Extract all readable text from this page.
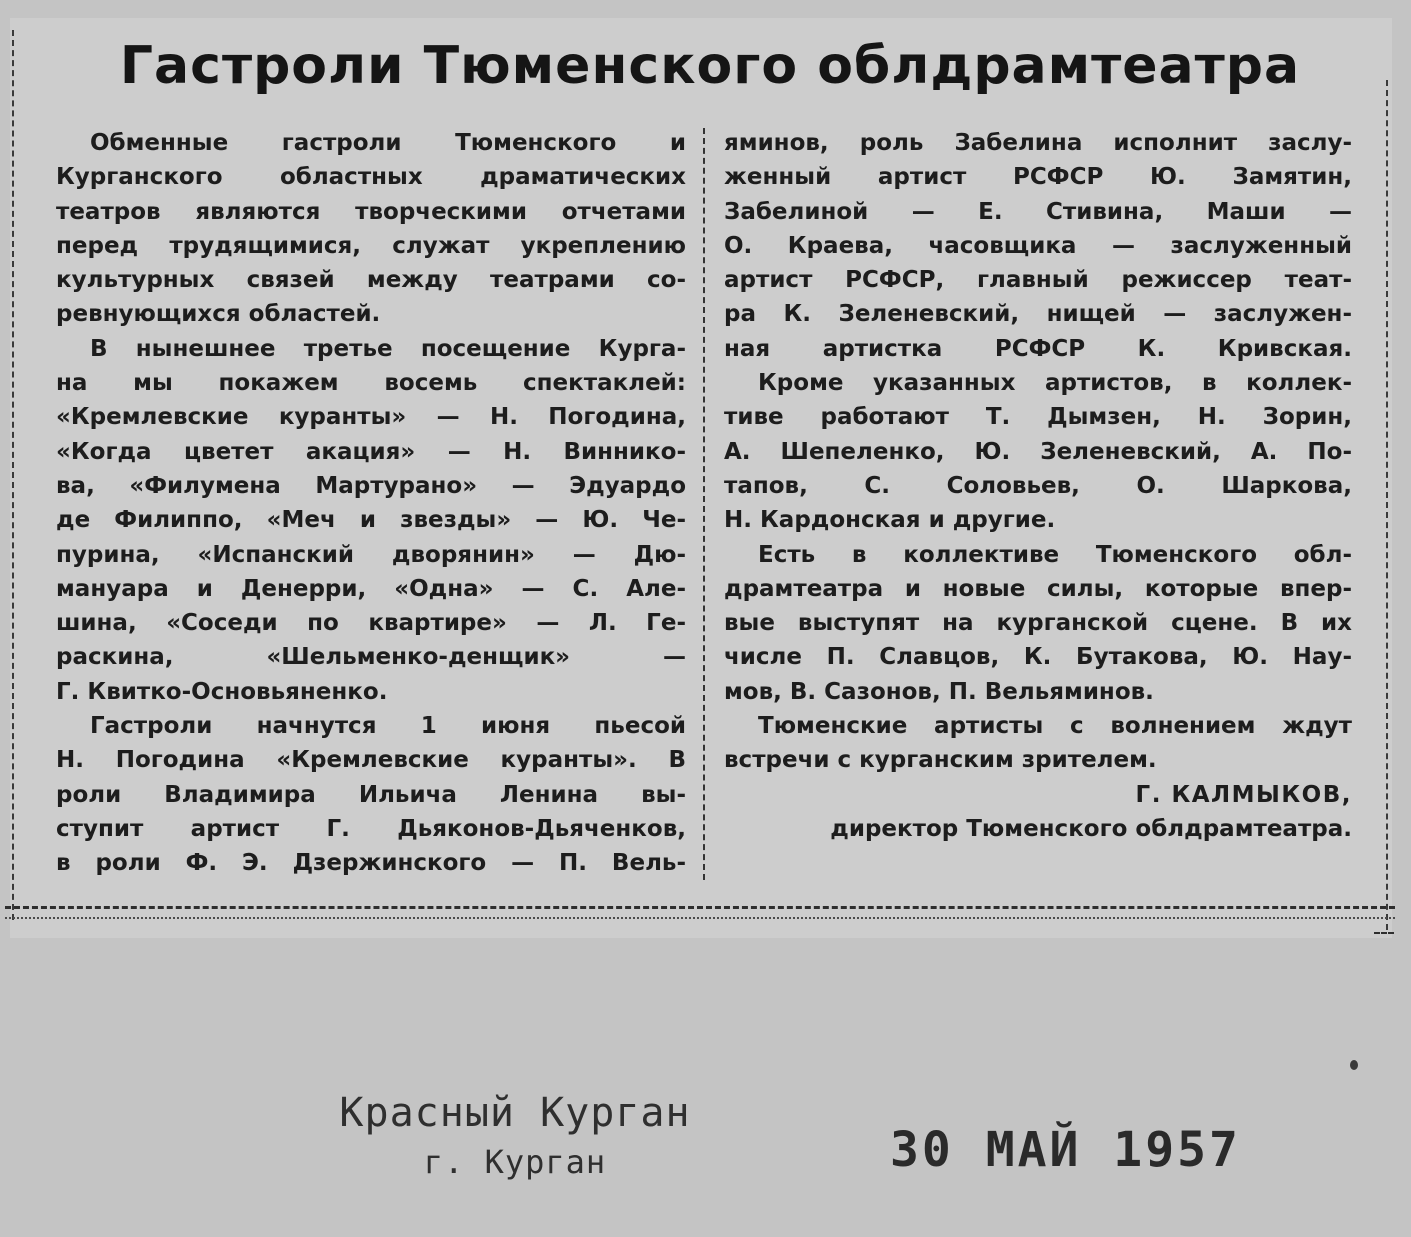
Гастроли Тюменского облдрамтеатра
Обменные гастроли Тюменского и
Курганского областных драматических
театров являются творческими отчетами
перед трудящимися, служат укреплению
культурных связей между театрами со-
ревнующихся областей.
В нынешнее третье посещение Курга-
на мы покажем восемь спектаклей:
«Кремлевские куранты» — Н. Погодина,
«Когда цветет акация» — Н. Виннико-
ва, «Филумена Мартурано» — Эдуардо
де Филиппо, «Меч и звезды» — Ю. Че-
пурина, «Испанский дворянин» — Дю-
мануара и Денерри, «Одна» — С. Але-
шина, «Соседи по квартире» — Л. Ге-
раскина, «Шельменко-денщик» —
Г. Квитко-Основьяненко.
Гастроли начнутся 1 июня пьесой
Н. Погодина «Кремлевские куранты». В
роли Владимира Ильича Ленина вы-
ступит артист Г. Дьяконов-Дьяченков,
в роли Ф. Э. Дзержинского — П. Вель-
яминов, роль Забелина исполнит заслу-
женный артист РСФСР Ю. Замятин,
Забелиной — Е. Стивина, Маши —
О. Краева, часовщика — заслуженный
артист РСФСР, главный режиссер теат-
ра К. Зеленевский, нищей — заслужен-
ная артистка РСФСР К. Кривская.
Кроме указанных артистов, в коллек-
тиве работают Т. Дымзен, Н. Зорин,
А. Шепеленко, Ю. Зеленевский, А. По-
тапов, С. Соловьев, О. Шаркова,
Н. Кардонская и другие.
Есть в коллективе Тюменского обл-
драмтеатра и новые силы, которые впер-
вые выступят на курганской сцене. В их
числе П. Славцов, К. Бутакова, Ю. Нау-
мов, В. Сазонов, П. Вельяминов.
Тюменские артисты с волнением ждут
встречи с курганским зрителем.
Г. КАЛМЫКОВ,
директор Тюменского облдрамтеатра.
Красный Курган
г. Курган	30 МАЙ 1957
